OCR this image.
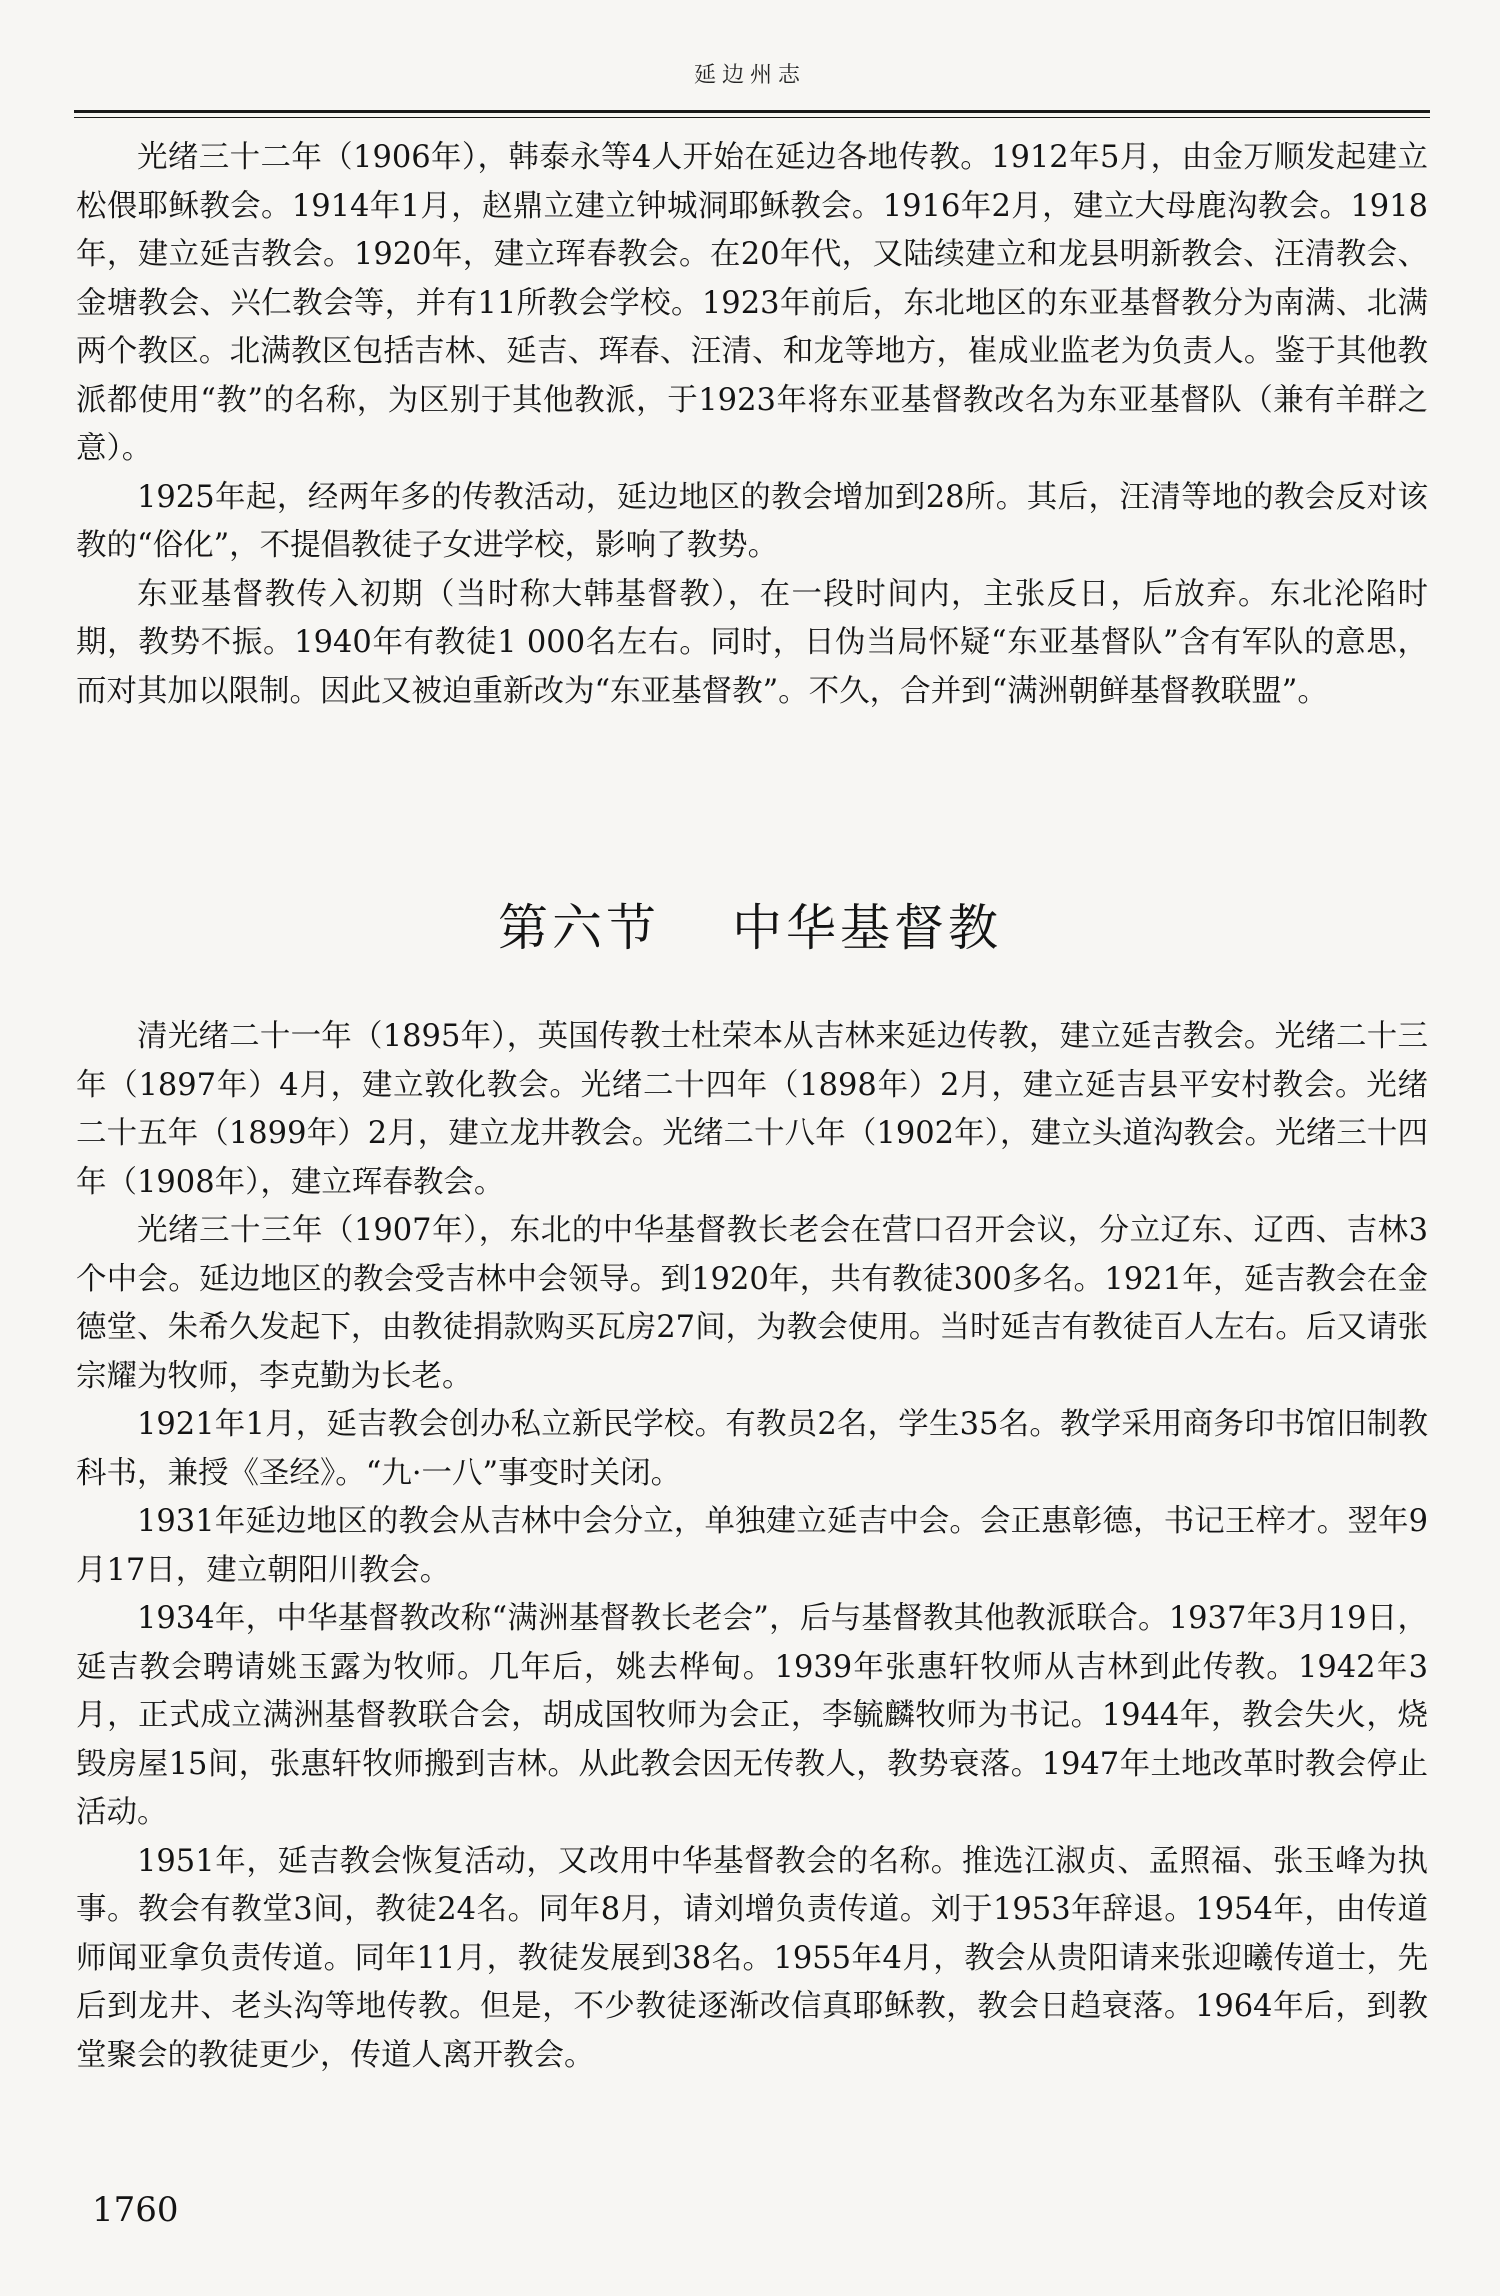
延边州志

光绪三十二年（1906年），韩泰永等4人开始在延边各地传教。1912年5月，由金万顺发起建立松偎耶稣教会。1914年1月，赵鼎立建立钟城洞耶稣教会。1916年2月，建立大母鹿沟教会。1918年，建立延吉教会。1920年，建立珲春教会。在20年代，又陆续建立和龙县明新教会、汪清教会、金塘教会、兴仁教会等，并有11所教会学校。1923年前后，东北地区的东亚基督教分为南满、北满两个教区。北满教区包括吉林、延吉、珲春、汪清、和龙等地方，崔成业监老为负责人。鉴于其他教派都使用“教”的名称，为区别于其他教派，于1923年将东亚基督教改名为东亚基督队（兼有羊群之意）。

1925年起，经两年多的传教活动，延边地区的教会增加到28所。其后，汪清等地的教会反对该教的“俗化”，不提倡教徒子女进学校，影响了教势。

东亚基督教传入初期（当时称大韩基督教），在一段时间内，主张反日，后放弃。东北沦陷时期，教势不振。1940年有教徒1 000名左右。同时，日伪当局怀疑“东亚基督队”含有军队的意思，而对其加以限制。因此又被迫重新改为“东亚基督教”。不久，合并到“满洲朝鲜基督教联盟”。

第六节 中华基督教

清光绪二十一年（1895年），英国传教士杜荣本从吉林来延边传教，建立延吉教会。光绪二十三年（1897年）4月，建立敦化教会。光绪二十四年（1898年）2月，建立延吉县平安村教会。光绪二十五年（1899年）2月，建立龙井教会。光绪二十八年（1902年），建立头道沟教会。光绪三十四年（1908年），建立珲春教会。

光绪三十三年（1907年），东北的中华基督教长老会在营口召开会议，分立辽东、辽西、吉林3个中会。延边地区的教会受吉林中会领导。到1920年，共有教徒300多名。1921年，延吉教会在金德堂、朱希久发起下，由教徒捐款购买瓦房27间，为教会使用。当时延吉有教徒百人左右。后又请张宗耀为牧师，李克勤为长老。

1921年1月，延吉教会创办私立新民学校。有教员2名，学生35名。教学采用商务印书馆旧制教科书，兼授《圣经》。“九·一八”事变时关闭。

1931年延边地区的教会从吉林中会分立，单独建立延吉中会。会正惠彰德，书记王梓才。翌年9月17日，建立朝阳川教会。

1934年，中华基督教改称“满洲基督教长老会”，后与基督教其他教派联合。1937年3月19日，延吉教会聘请姚玉露为牧师。几年后，姚去桦甸。1939年张惠轩牧师从吉林到此传教。1942年3月，正式成立满洲基督教联合会，胡成国牧师为会正，李毓麟牧师为书记。1944年，教会失火，烧毁房屋15间，张惠轩牧师搬到吉林。从此教会因无传教人，教势衰落。1947年土地改革时教会停止活动。

1951年，延吉教会恢复活动，又改用中华基督教会的名称。推选江淑贞、孟照福、张玉峰为执事。教会有教堂3间，教徒24名。同年8月，请刘增负责传道。刘于1953年辞退。1954年，由传道师闻亚拿负责传道。同年11月，教徒发展到38名。1955年4月，教会从贵阳请来张迎曦传道士，先后到龙井、老头沟等地传教。但是，不少教徒逐渐改信真耶稣教，教会日趋衰落。1964年后，到教堂聚会的教徒更少，传道人离开教会。

1760
